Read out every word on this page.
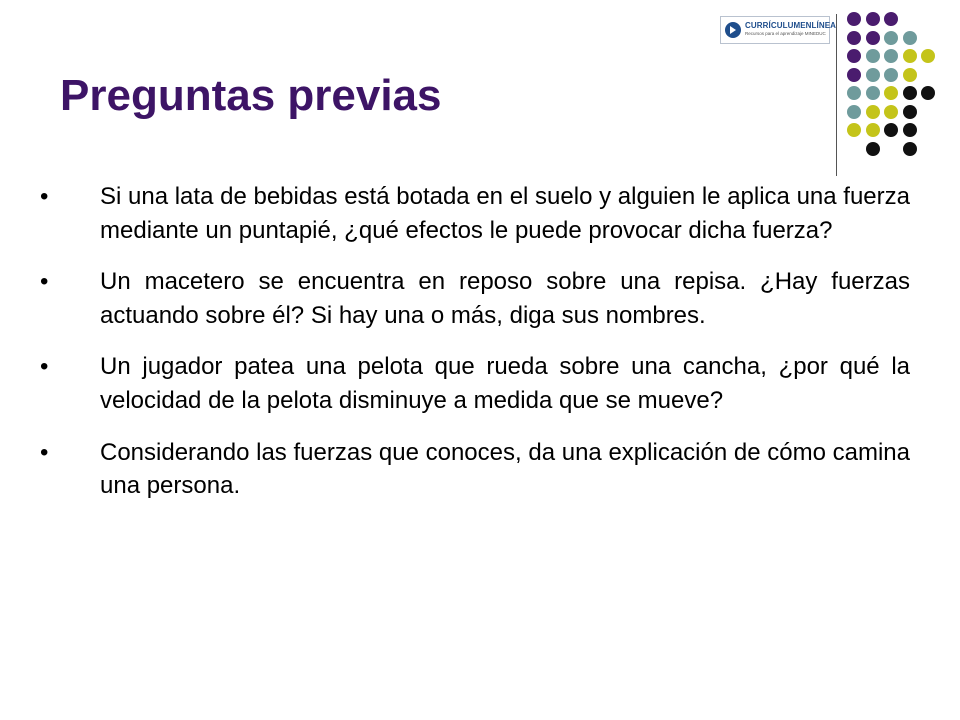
CURRÍCULUMENLÍNEA
Recursos para el aprendizaje MINEDUC
Preguntas previas
• Si una lata de bebidas está botada en el suelo y alguien le aplica una fuerza mediante un puntapié, ¿qué efectos le puede provocar dicha fuerza?
• Un macetero se encuentra en reposo sobre una repisa. ¿Hay fuerzas actuando sobre él? Si hay una o más, diga sus nombres.
• Un jugador patea una pelota que rueda sobre una cancha, ¿por qué la velocidad de la pelota disminuye a medida que se mueve?
• Considerando las fuerzas que conoces, da una explicación de cómo camina una persona.
